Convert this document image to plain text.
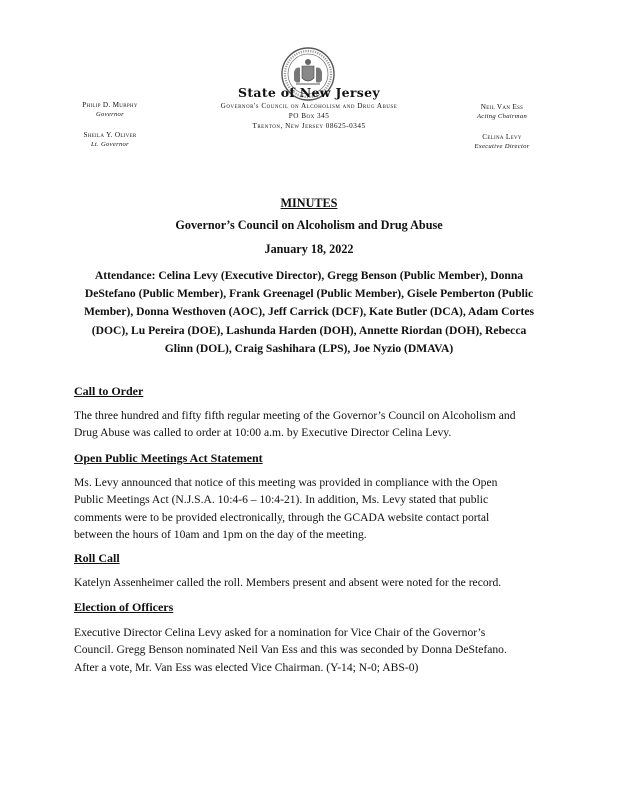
State of New Jersey
Governor's Council on Alcoholism and Drug Abuse
PO Box 345
Trenton, New Jersey 08625-0345
Philip D. Murphy
Governor
Sheila Y. Oliver
Lt. Governor
Neil Van Ess
Acting Chairman
Celina Levy
Executive Director
MINUTES
Governor’s Council on Alcoholism and Drug Abuse
January 18, 2022
Attendance: Celina Levy (Executive Director), Gregg Benson (Public Member), Donna
DeStefano (Public Member), Frank Greenagel (Public Member), Gisele Pemberton (Public
Member), Donna Westhoven (AOC), Jeff Carrick (DCF), Kate Butler (DCA), Adam Cortes
(DOC), Lu Pereira (DOE), Lashunda Harden (DOH), Annette Riordan (DOH), Rebecca
Glinn (DOL), Craig Sashihara (LPS), Joe Nyzio (DMAVA)
Call to Order
The three hundred and fifty fifth regular meeting of the Governor’s Council on Alcoholism and
Drug Abuse was called to order at 10:00 a.m. by Executive Director Celina Levy.
Open Public Meetings Act Statement
Ms. Levy announced that notice of this meeting was provided in compliance with the Open
Public Meetings Act (N.J.S.A. 10:4-6 – 10:4-21). In addition, Ms. Levy stated that public
comments were to be provided electronically, through the GCADA website contact portal
between the hours of 10am and 1pm on the day of the meeting.
Roll Call
Katelyn Assenheimer called the roll. Members present and absent were noted for the record.
Election of Officers
Executive Director Celina Levy asked for a nomination for Vice Chair of the Governor’s
Council. Gregg Benson nominated Neil Van Ess and this was seconded by Donna DeStefano.
After a vote, Mr. Van Ess was elected Vice Chairman. (Y-14; N-0; ABS-0)
